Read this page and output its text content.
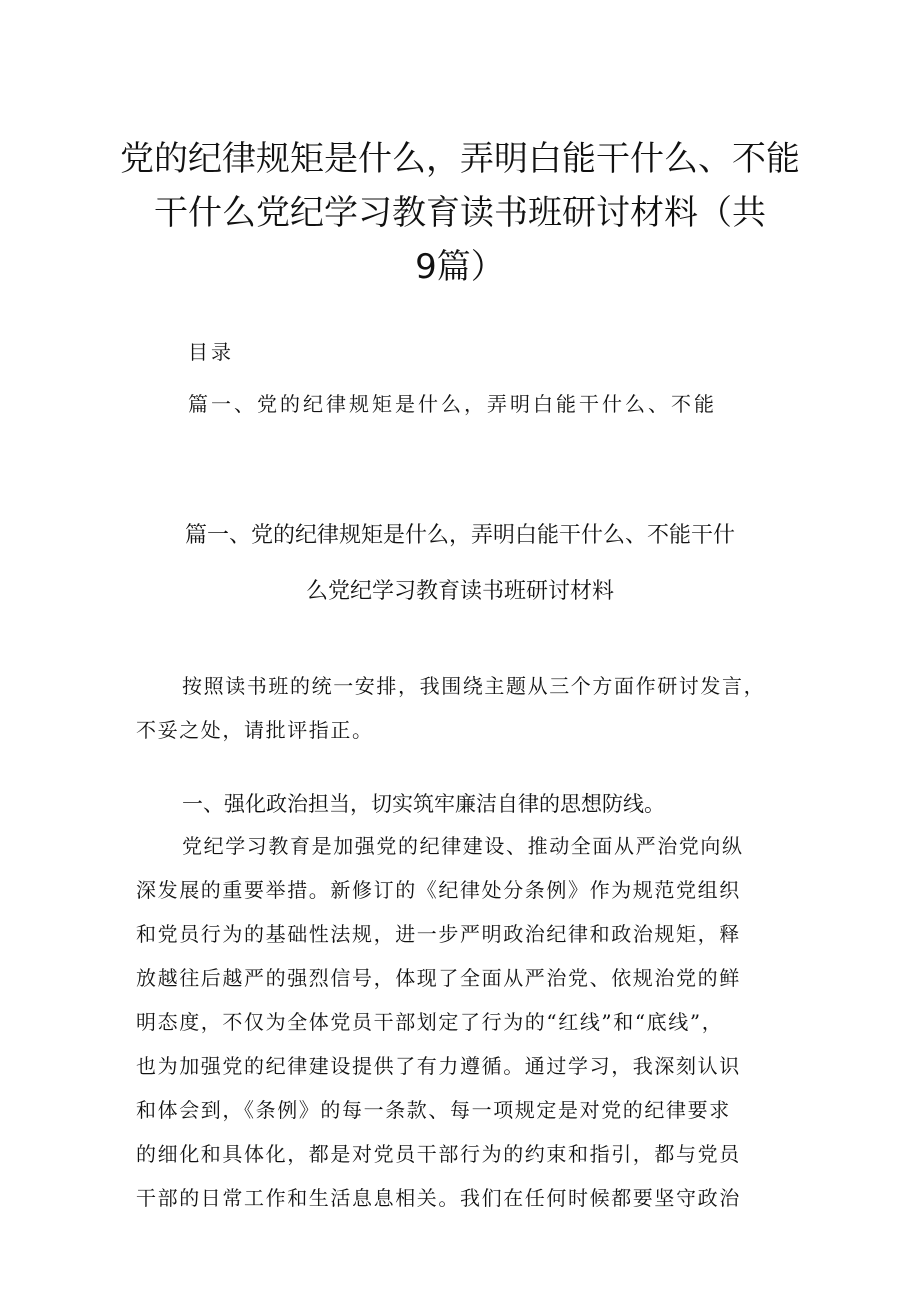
党的纪律规矩是什么，弄明白能干什么、不能
干什么党纪学习教育读书班研讨材料（共
9篇）
目录
篇一、党的纪律规矩是什么，弄明白能干什么、不能
篇一、党的纪律规矩是什么，弄明白能干什么、不能干什
么党纪学习教育读书班研讨材料
按照读书班的统一安排，我围绕主题从三个方面作研讨发言，
不妥之处，请批评指正。
一、强化政治担当，切实筑牢廉洁自律的思想防线。
党纪学习教育是加强党的纪律建设、推动全面从严治党向纵
深发展的重要举措。新修订的《纪律处分条例》作为规范党组织
和党员行为的基础性法规，进一步严明政治纪律和政治规矩，释
放越往后越严的强烈信号，体现了全面从严治党、依规治党的鲜
明态度，不仅为全体党员干部划定了行为的“红线”和“底线”，
也为加强党的纪律建设提供了有力遵循。通过学习，我深刻认识
和体会到，《条例》的每一条款、每一项规定是对党的纪律要求
的细化和具体化，都是对党员干部行为的约束和指引，都与党员
干部的日常工作和生活息息相关。我们在任何时候都要坚守政治
